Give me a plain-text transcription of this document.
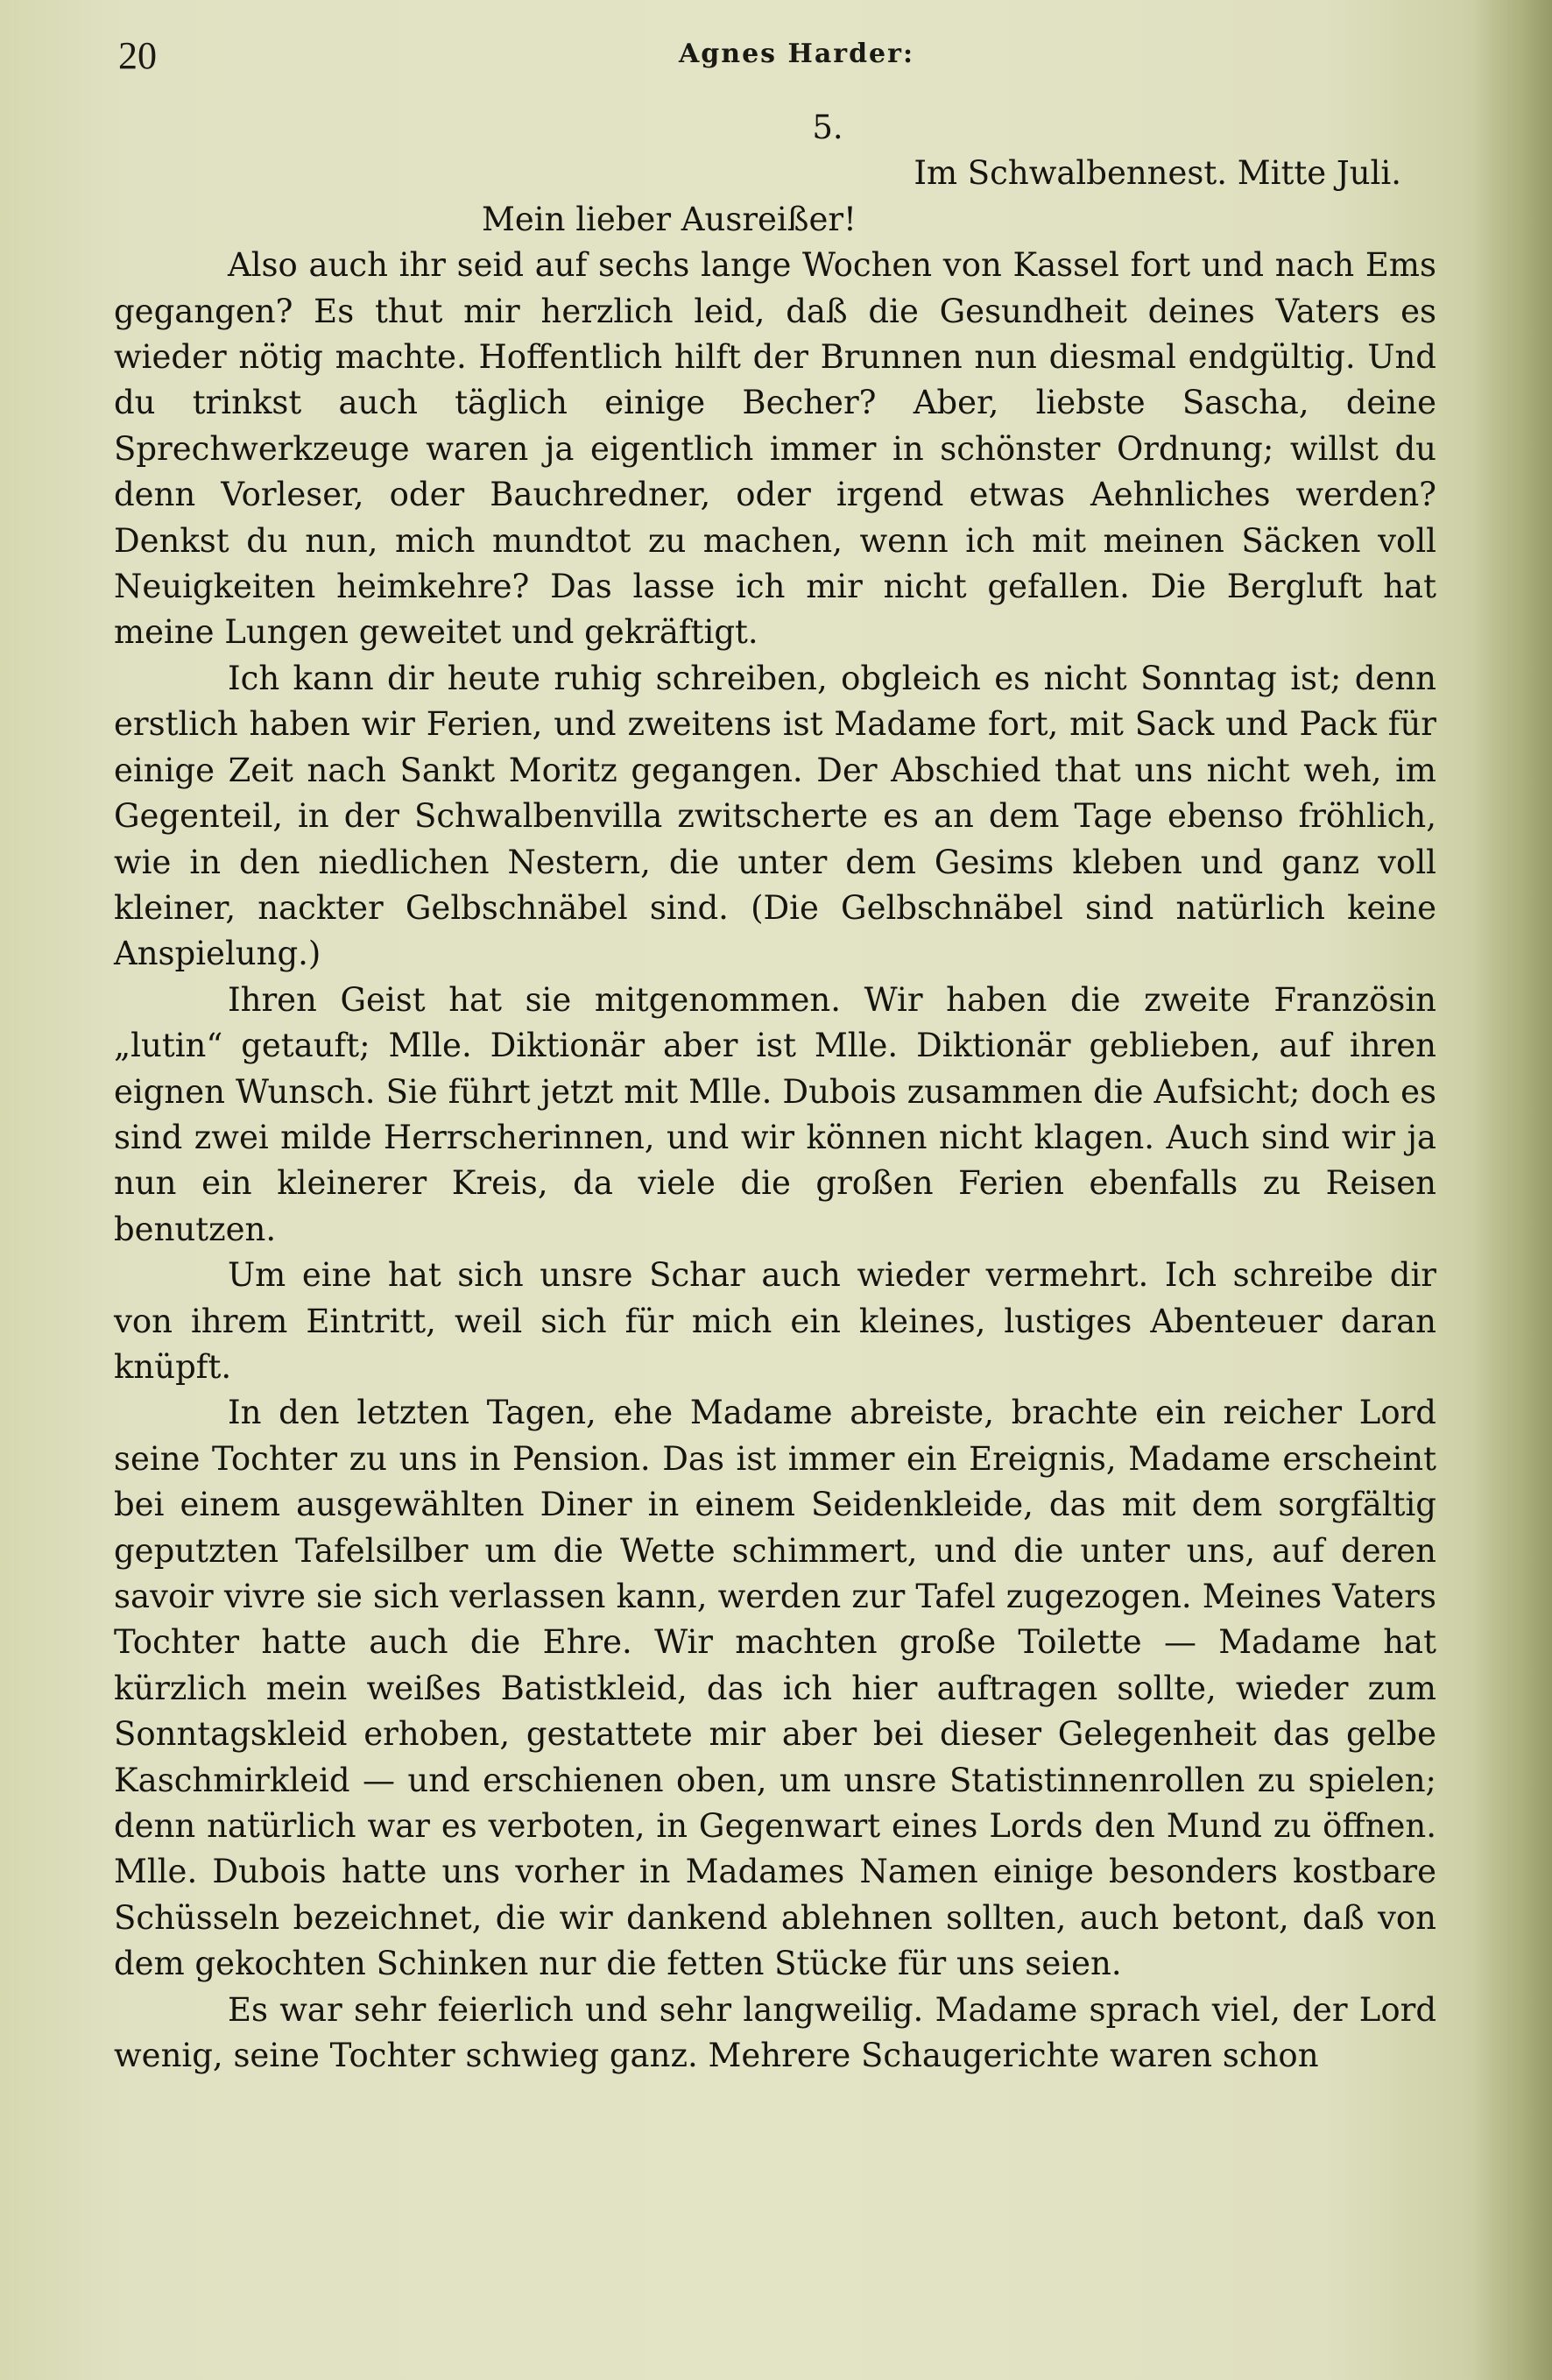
20	Agnes Harder:

5.

Im Schwalbennest. Mitte Juli.

Mein lieber Ausreißer!

Also auch ihr seid auf sechs lange Wochen von Kassel fort und nach Ems gegangen? Es thut mir herzlich leid, daß die Gesundheit deines Vaters es wieder nötig machte. Hoffentlich hilft der Brunnen nun diesmal endgültig. Und du trinkst auch täglich einige Becher? Aber, liebste Sascha, deine Sprechwerkzeuge waren ja eigentlich immer in schönster Ordnung; willst du denn Vorleser, oder Bauchredner, oder irgend etwas Aehnliches werden? Denkst du nun, mich mundtot zu machen, wenn ich mit meinen Säcken voll Neuigkeiten heimkehre? Das lasse ich mir nicht gefallen. Die Bergluft hat meine Lungen geweitet und gekräftigt.

Ich kann dir heute ruhig schreiben, obgleich es nicht Sonntag ist; denn erstlich haben wir Ferien, und zweitens ist Madame fort, mit Sack und Pack für einige Zeit nach Sankt Moritz gegangen. Der Abschied that uns nicht weh, im Gegenteil, in der Schwalbenvilla zwitscherte es an dem Tage ebenso fröhlich, wie in den niedlichen Nestern, die unter dem Gesims kleben und ganz voll kleiner, nackter Gelbschnäbel sind. (Die Gelbschnäbel sind natürlich keine Anspielung.)

Ihren Geist hat sie mitgenommen. Wir haben die zweite Französin „lutin“ getauft; Mlle. Diktionär aber ist Mlle. Diktionär geblieben, auf ihren eignen Wunsch. Sie führt jetzt mit Mlle. Dubois zusammen die Aufsicht; doch es sind zwei milde Herrscherinnen, und wir können nicht klagen. Auch sind wir ja nun ein kleinerer Kreis, da viele die großen Ferien ebenfalls zu Reisen benutzen.

Um eine hat sich unsre Schar auch wieder vermehrt. Ich schreibe dir von ihrem Eintritt, weil sich für mich ein kleines, lustiges Abenteuer daran knüpft.

In den letzten Tagen, ehe Madame abreiste, brachte ein reicher Lord seine Tochter zu uns in Pension. Das ist immer ein Ereignis, Madame erscheint bei einem ausgewählten Diner in einem Seidenkleide, das mit dem sorgfältig geputzten Tafelsilber um die Wette schimmert, und die unter uns, auf deren savoir vivre sie sich verlassen kann, werden zur Tafel zugezogen. Meines Vaters Tochter hatte auch die Ehre. Wir machten große Toilette — Madame hat kürzlich mein weißes Batistkleid, das ich hier auftragen sollte, wieder zum Sonntagskleid erhoben, gestattete mir aber bei dieser Gelegenheit das gelbe Kaschmirkleid — und erschienen oben, um unsre Statistinnenrollen zu spielen; denn natürlich war es verboten, in Gegenwart eines Lords den Mund zu öffnen. Mlle. Dubois hatte uns vorher in Madames Namen einige besonders kostbare Schüsseln bezeichnet, die wir dankend ablehnen sollten, auch betont, daß von dem gekochten Schinken nur die fetten Stücke für uns seien.

Es war sehr feierlich und sehr langweilig. Madame sprach viel, der Lord wenig, seine Tochter schwieg ganz. Mehrere Schaugerichte waren schon
